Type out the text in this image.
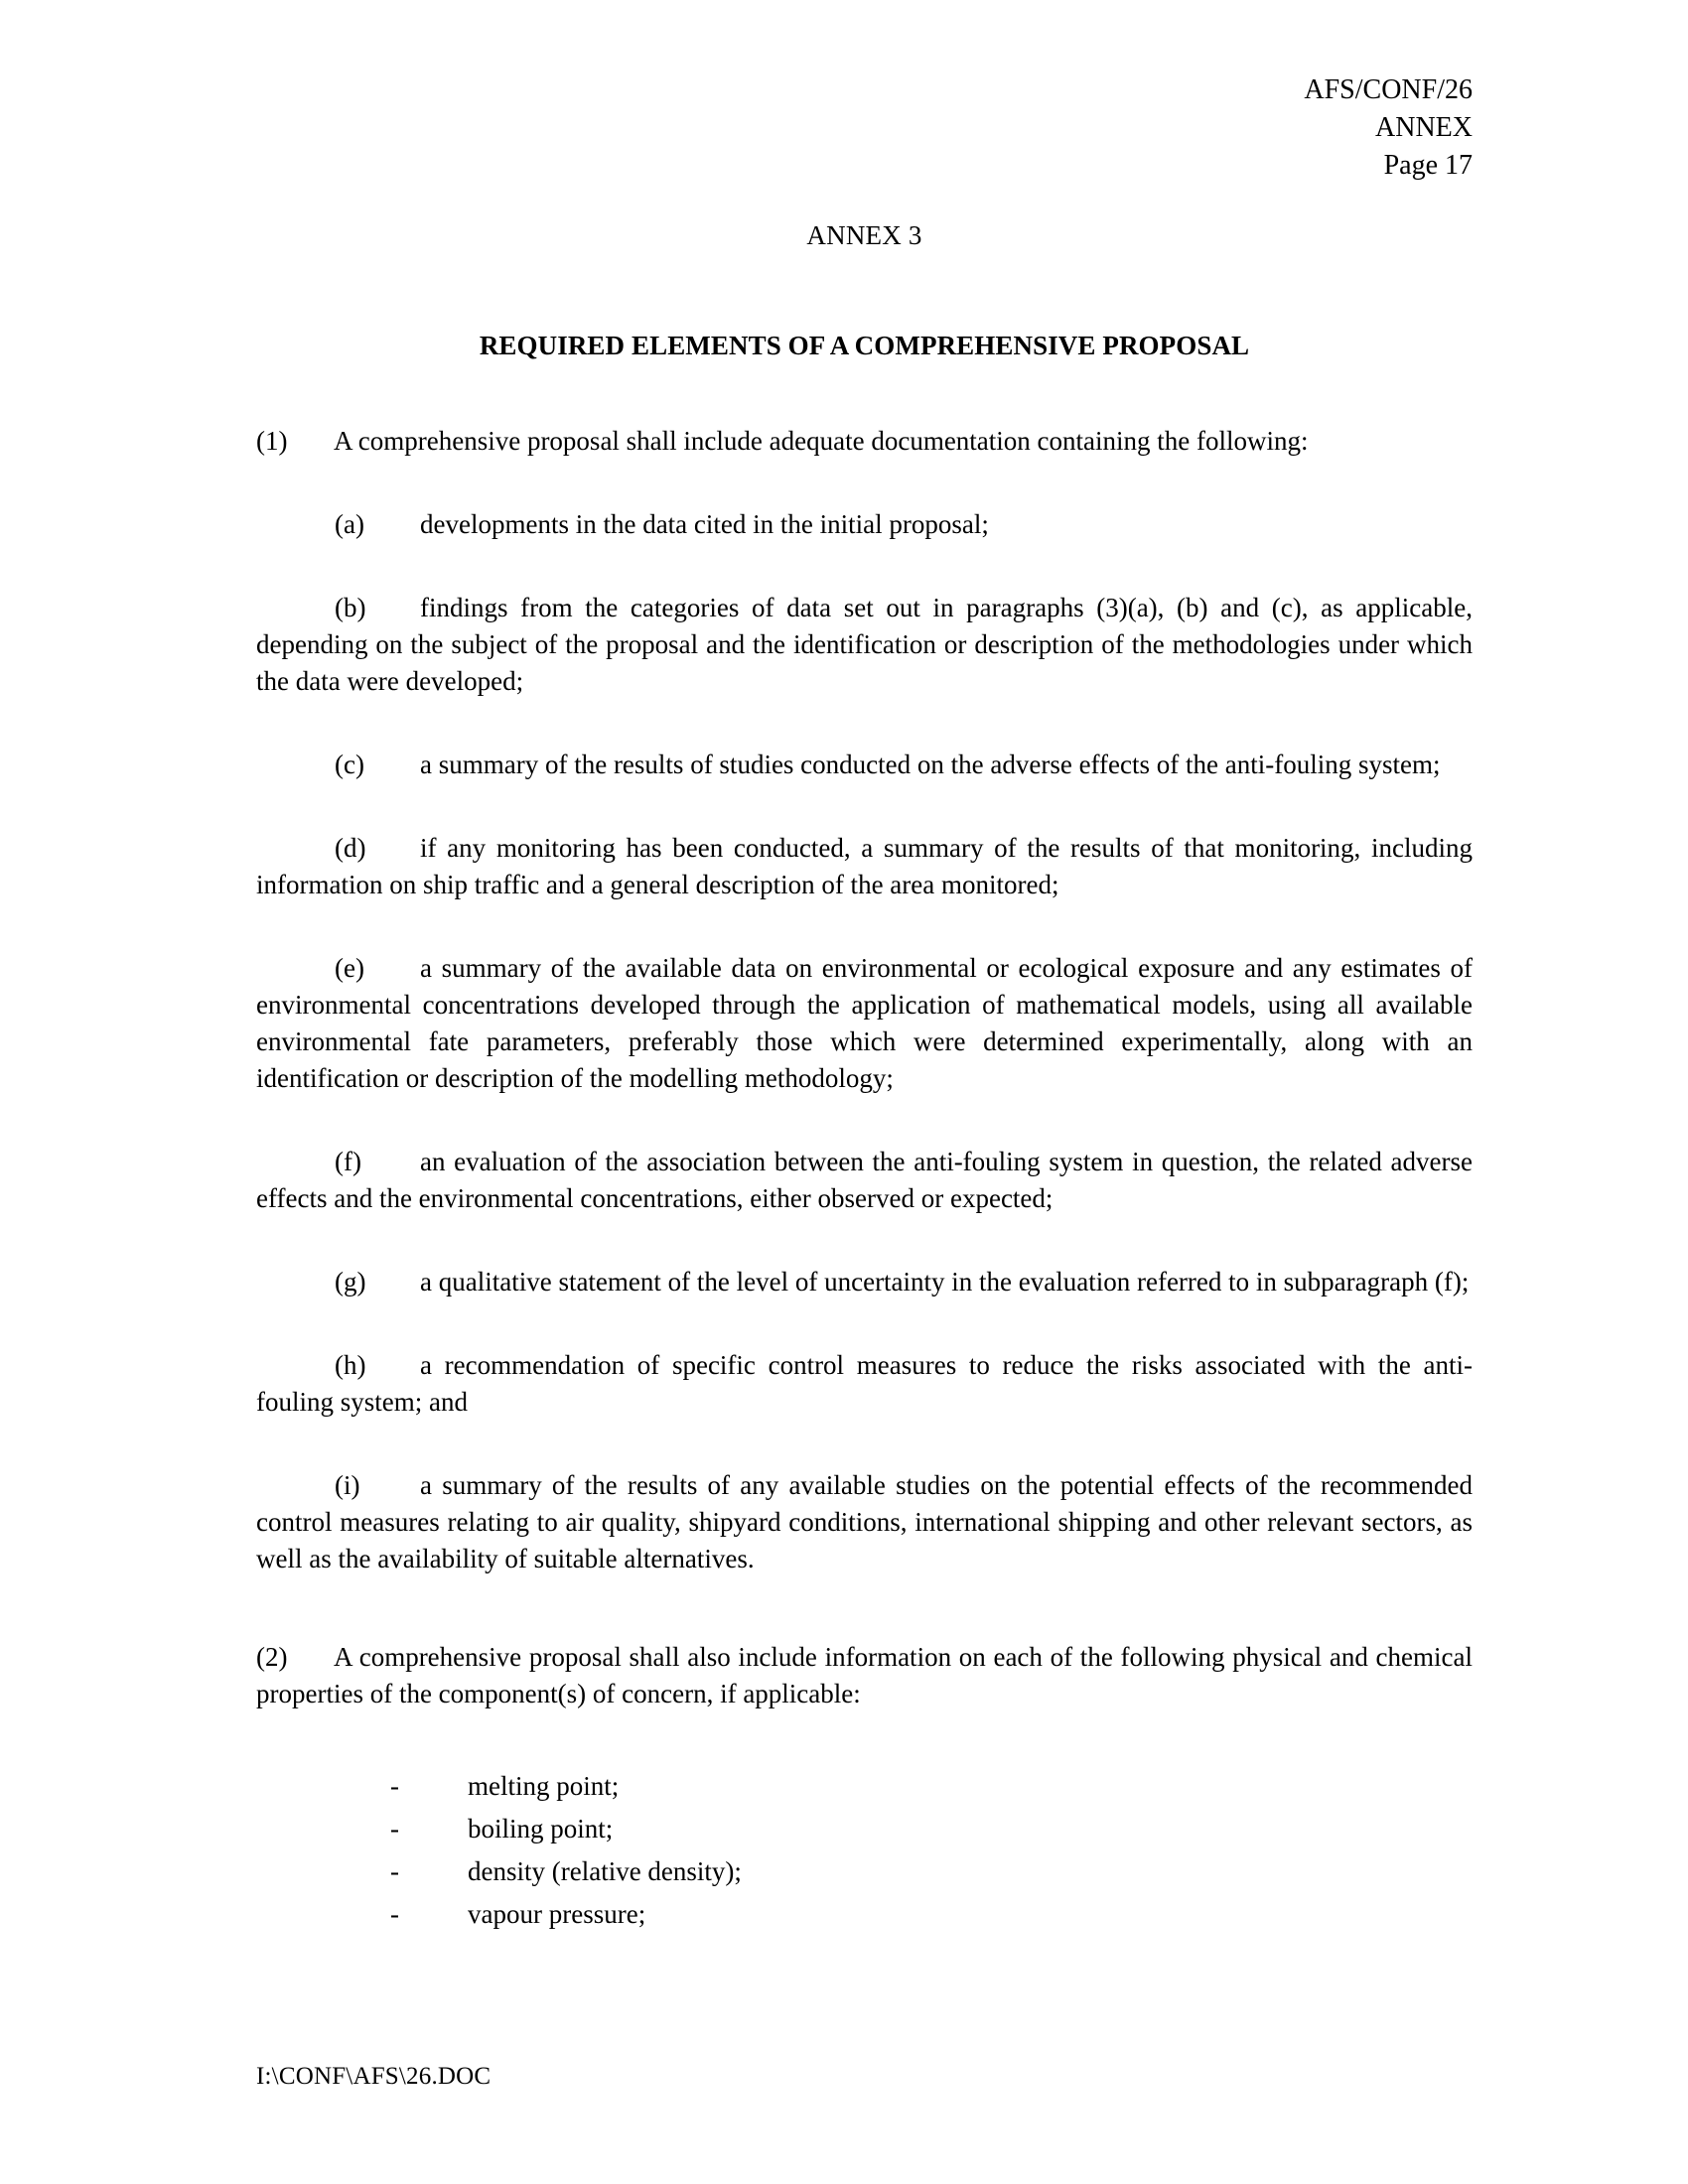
AFS/CONF/26
ANNEX
Page 17
ANNEX 3
REQUIRED ELEMENTS OF A COMPREHENSIVE PROPOSAL
(1) A comprehensive proposal shall include adequate documentation containing the following:
(a) developments in the data cited in the initial proposal;
(b) findings from the categories of data set out in paragraphs (3)(a), (b) and (c), as applicable, depending on the subject of the proposal and the identification or description of the methodologies under which the data were developed;
(c) a summary of the results of studies conducted on the adverse effects of the anti-fouling system;
(d) if any monitoring has been conducted, a summary of the results of that monitoring, including information on ship traffic and a general description of the area monitored;
(e) a summary of the available data on environmental or ecological exposure and any estimates of environmental concentrations developed through the application of mathematical models, using all available environmental fate parameters, preferably those which were determined experimentally, along with an identification or description of the modelling methodology;
(f) an evaluation of the association between the anti-fouling system in question, the related adverse effects and the environmental concentrations, either observed or expected;
(g) a qualitative statement of the level of uncertainty in the evaluation referred to in subparagraph (f);
(h) a recommendation of specific control measures to reduce the risks associated with the anti-fouling system; and
(i) a summary of the results of any available studies on the potential effects of the recommended control measures relating to air quality, shipyard conditions, international shipping and other relevant sectors, as well as the availability of suitable alternatives.
(2) A comprehensive proposal shall also include information on each of the following physical and chemical properties of the component(s) of concern, if applicable:
-	melting point;
-	boiling point;
-	density (relative density);
-	vapour pressure;
I:\CONF\AFS\26.DOC
